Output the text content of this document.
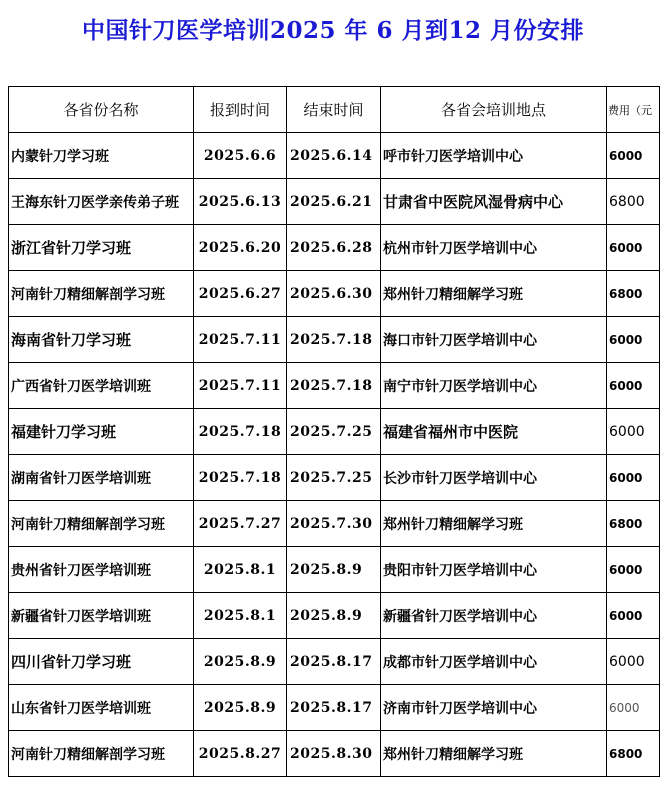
中国针刀医学培训2025 年 6 月到12 月份安排
各省份名称	报到时间	结束时间	各省会培训地点	费用（元
内蒙针刀学习班	2025.6.6	2025.6.14	呼市针刀医学培训中心	6000
王海东针刀医学亲传弟子班	2025.6.13	2025.6.21	甘肃省中医院风湿骨病中心	6800
浙江省针刀学习班	2025.6.20	2025.6.28	杭州市针刀医学培训中心	6000
河南针刀精细解剖学习班	2025.6.27	2025.6.30	郑州针刀精细解学习班	6800
海南省针刀学习班	2025.7.11	2025.7.18	海口市针刀医学培训中心	6000
广西省针刀医学培训班	2025.7.11	2025.7.18	南宁市针刀医学培训中心	6000
福建针刀学习班	2025.7.18	2025.7.25	福建省福州市中医院	6000
湖南省针刀医学培训班	2025.7.18	2025.7.25	长沙市针刀医学培训中心	6000
河南针刀精细解剖学习班	2025.7.27	2025.7.30	郑州针刀精细解学习班	6800
贵州省针刀医学培训班	2025.8.1	2025.8.9	贵阳市针刀医学培训中心	6000
新疆省针刀医学培训班	2025.8.1	2025.8.9	新疆省针刀医学培训中心	6000
四川省针刀学习班	2025.8.9	2025.8.17	成都市针刀医学培训中心	6000
山东省针刀医学培训班	2025.8.9	2025.8.17	济南市针刀医学培训中心	6000
河南针刀精细解剖学习班	2025.8.27	2025.8.30	郑州针刀精细解学习班	6800
